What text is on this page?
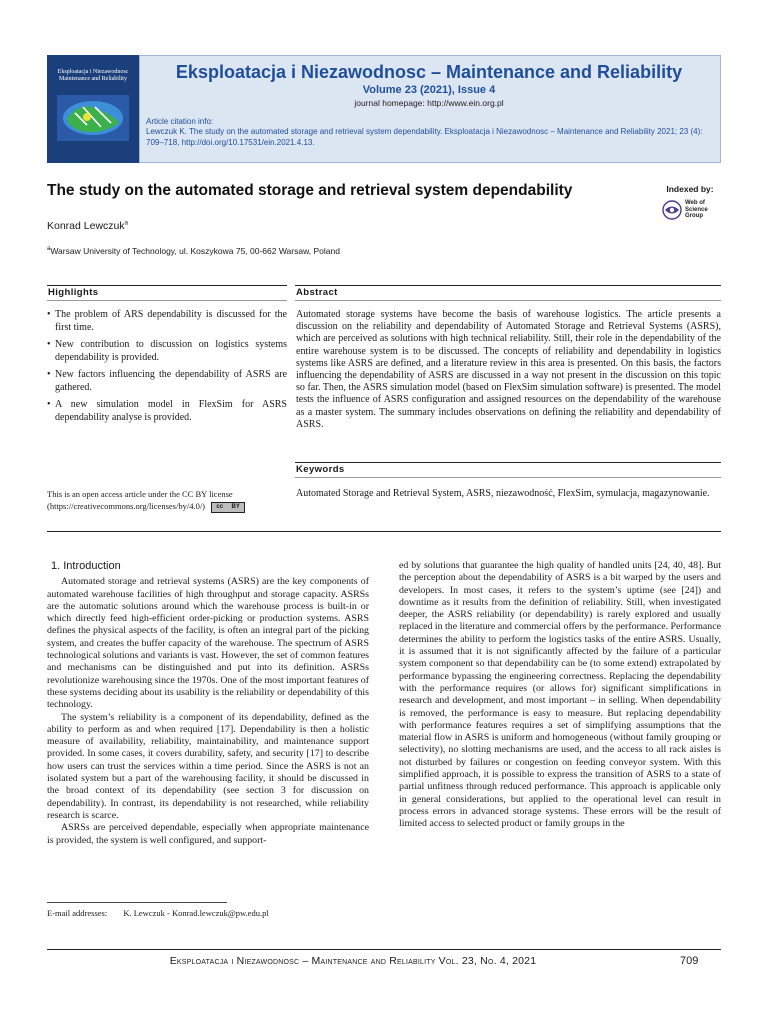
Eksploatacja i Niezawodnosc
Maintenance and Reliability	Eksploatacja i Niezawodnosc – Maintenance and Reliability
Volume 23 (2021), Issue 4
journal homepage: http://www.ein.org.pl
Article citation info:
Lewczuk K. The study on the automated storage and retrieval system dependability. Eksploatacja i Niezawodnosc – Maintenance and Reliability 2021; 23 (4): 709–718, http://doi.org/10.17531/ein.2021.4.13.
The study on the automated storage and retrieval system dependability	Indexed by:
Web of
Science
Group
Konrad Lewczuk$^a$
$^a$Warsaw University of Technology, ul. Koszykowa 75, 00-662 Warsaw, Poland
Highlights	Abstract
• The problem of ARS dependability is discussed for the first time.
• New contribution to discussion on logistics systems dependability is provided.
• New factors influencing the dependability of ASRS are gathered.
• A new simulation model in FlexSim for ASRS dependability analyse is provided.
Automated storage systems have become the basis of warehouse logistics. The article presents a discussion on the reliability and dependability of Automated Storage and Retrieval Systems (ASRS), which are perceived as solutions with high technical reliability. Still, their role in the dependability of the entire warehouse system is to be discussed. The concepts of reliability and dependability in logistics systems like ASRS are defined, and a literature review in this area is presented. On this basis, the factors influencing the dependability of ASRS are discussed in a way not present in the discussion on this topic so far. Then, the ASRS simulation model (based on FlexSim simulation software) is presented. The model tests the influence of ASRS configuration and assigned resources on the dependability of the warehouse as a master system. The summary includes observations on defining the reliability and dependability of ASRS.
Keywords
Automated Storage and Retrieval System, ASRS, niezawodność, FlexSim, symulacja, magazynowanie.
This is an open access article under the CC BY license (https://creativecommons.org/licenses/by/4.0/) cc BY
1. Introduction

Automated storage and retrieval systems (ASRS) are the key components of automated warehouse facilities of high throughput and storage capacity. ASRSs are the automatic solutions around which the warehouse process is built-in or which directly feed high-efficient order-picking or production systems. ASRS defines the physical aspects of the facility, is often an integral part of the picking system, and creates the buffer capacity of the warehouse. The spectrum of ASRS technological solutions and variants is vast. However, the set of common features and mechanisms can be distinguished and put into its definition. ASRSs revolutionize warehousing since the 1970s. One of the most important features of these systems deciding about its usability is the reliability or dependability of this technology.

The system’s reliability is a component of its dependability, defined as the ability to perform as and when required [17]. Dependability is then a holistic measure of availability, reliability, maintainability, and maintenance support provided. In some cases, it covers durability, safety, and security [17] to describe how users can trust the services within a time period. Since the ASRS is not an isolated system but a part of the warehousing facility, it should be discussed in the broad context of its dependability (see section 3 for discussion on dependability). In contrast, its dependability is not researched, while reliability research is scarce.

ASRSs are perceived dependable, especially when appropriate maintenance is provided, the system is well configured, and support-

ed by solutions that guarantee the high quality of handled units [24, 40, 48]. But the perception about the dependability of ASRS is a bit warped by the users and developers. In most cases, it refers to the system’s uptime (see [24]) and downtime as it results from the definition of reliability. Still, when investigated deeper, the ASRS reliability (or dependability) is rarely explored and usually replaced in the literature and commercial offers by the performance. Performance determines the ability to perform the logistics tasks of the entire ASRS. Usually, it is assumed that it is not significantly affected by the failure of a particular system component so that dependability can be (to some extend) extrapolated by performance bypassing the engineering correctness. Replacing the dependability with the performance requires (or allows for) significant simplifications in research and development, and most important – in selling. When dependability is removed, the performance is easy to measure. But replacing dependability with performance features requires a set of simplifying assumptions that the material flow in ASRS is uniform and homogeneous (without family grouping or selectivity), no slotting mechanisms are used, and the access to all rack aisles is not disturbed by failures or congestion on feeding conveyor system. With this simplified approach, it is possible to express the transition of ASRS to a state of partial unfitness through reduced performance. This approach is applicable only in general considerations, but applied to the operational level can result in process errors in advanced storage systems. These errors will be the result of limited access to selected product or family groups in the
E-mail addresses: K. Lewczuk - Konrad.lewczuk@pw.edu.pl
Eksploatacja i Niezawodnosc – Maintenance and Reliability Vol. 23, No. 4, 2021	709
